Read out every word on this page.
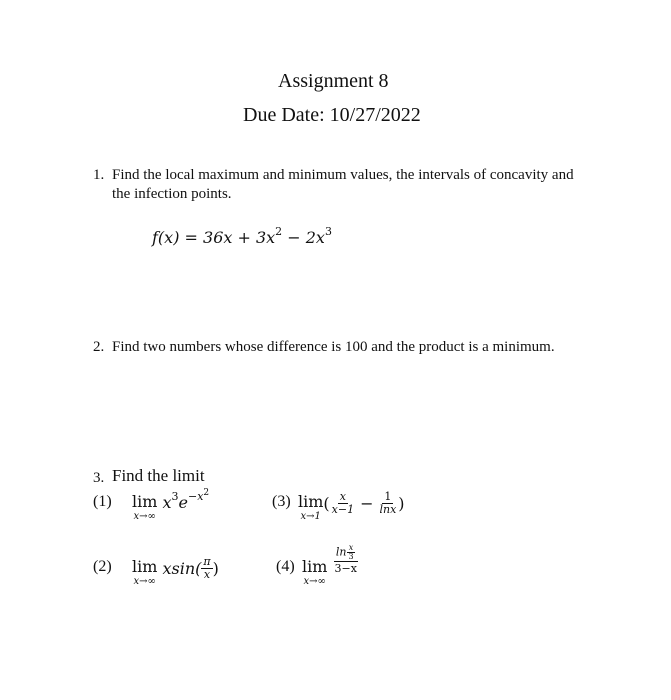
Assignment 8
Due Date: 10/27/2022
1. Find the local maximum and minimum values, the intervals of concavity and
the infection points.
$f(x) = 36x + 3x^2 - 2x^3$
2. Find two numbers whose difference is 100 and the product is a minimum.
3. Find the limit
(1) lim
x→∞
$x^3e^{-x^2}$	(3) lim
x→1
( $\frac{x}{x-1} - \frac{1}{\ln x}$ )
(2) lim
x→∞
$xsin( \frac{\pi}{x}$ )	(4) lim
x→∞

$\frac{\ln \frac{x}{3}}{3-x}$
